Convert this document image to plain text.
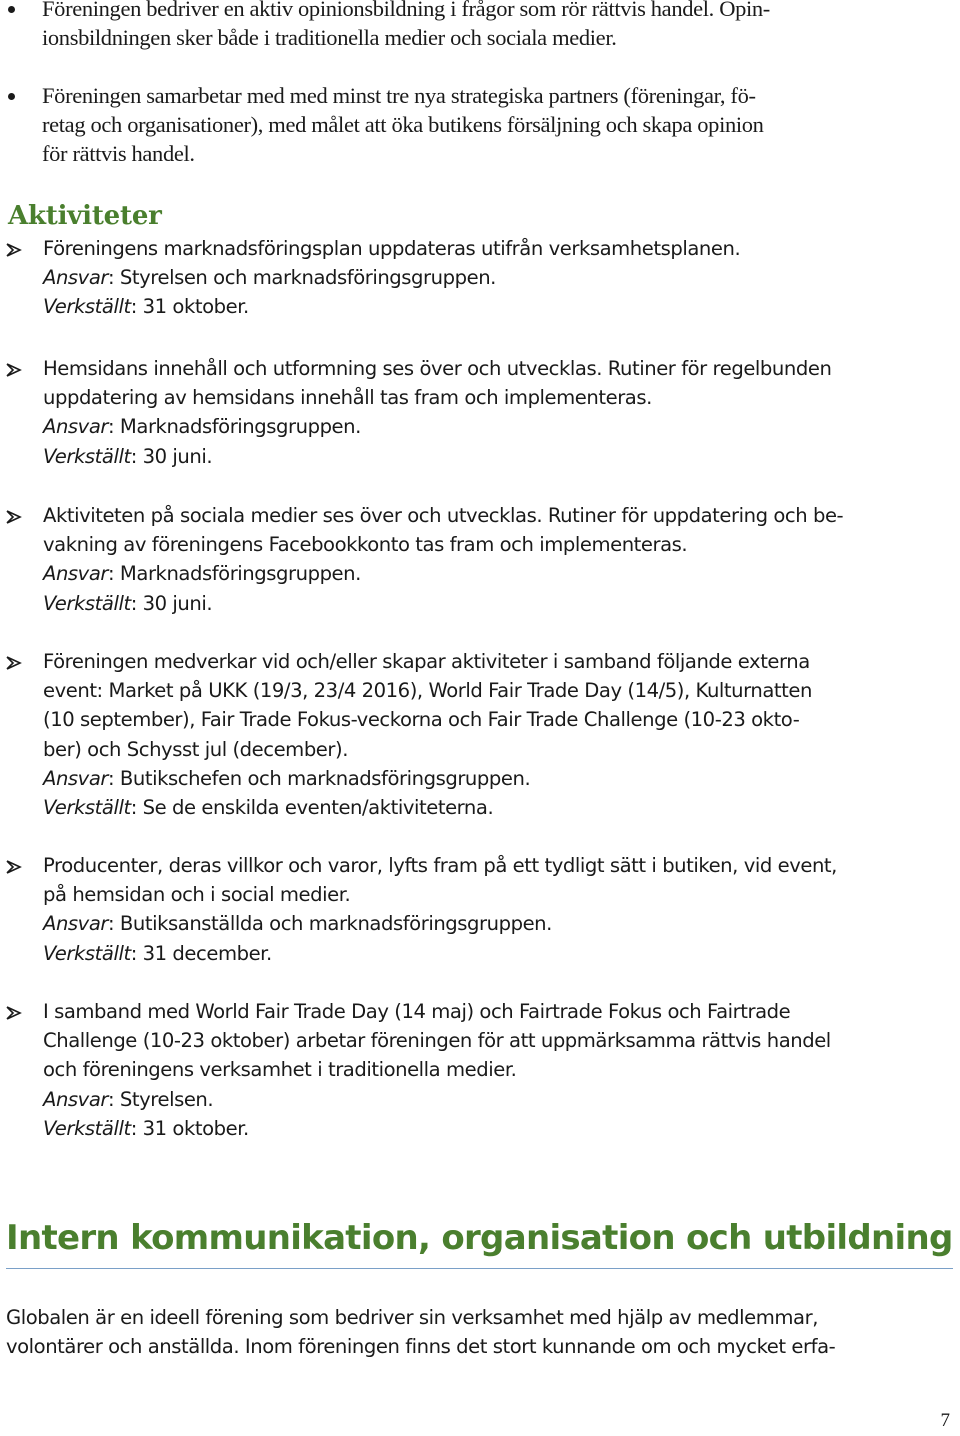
Föreningen bedriver en aktiv opinionsbildning i frågor som rör rättvis handel. Opin-
ionsbildningen sker både i traditionella medier och sociala medier.
Föreningen samarbetar med med minst tre nya strategiska partners (föreningar, fö-
retag och organisationer), med målet att öka butikens försäljning och skapa opinion
för rättvis handel.
Aktiviteter
Föreningens marknadsföringsplan uppdateras utifrån verksamhetsplanen.
Ansvar: Styrelsen och marknadsföringsgruppen.
Verkställt: 31 oktober.
Hemsidans innehåll och utformning ses över och utvecklas. Rutiner för regelbunden
uppdatering av hemsidans innehåll tas fram och implementeras.
Ansvar: Marknadsföringsgruppen.
Verkställt: 30 juni.
Aktiviteten på sociala medier ses över och utvecklas. Rutiner för uppdatering och be-
vakning av föreningens Facebookkonto tas fram och implementeras.
Ansvar: Marknadsföringsgruppen.
Verkställt: 30 juni.
Föreningen medverkar vid och/eller skapar aktiviteter i samband följande externa
event: Market på UKK (19/3, 23/4 2016), World Fair Trade Day (14/5), Kulturnatten
(10 september), Fair Trade Fokus-veckorna och Fair Trade Challenge (10-23 okto-
ber) och Schysst jul (december).
Ansvar: Butikschefen och marknadsföringsgruppen.
Verkställt: Se de enskilda eventen/aktiviteterna.
Producenter, deras villkor och varor, lyfts fram på ett tydligt sätt i butiken, vid event,
på hemsidan och i social medier.
Ansvar: Butiksanställda och marknadsföringsgruppen.
Verkställt: 31 december.
I samband med World Fair Trade Day (14 maj) och Fairtrade Fokus och Fairtrade
Challenge (10-23 oktober) arbetar föreningen för att uppmärksamma rättvis handel
och föreningens verksamhet i traditionella medier.
Ansvar: Styrelsen.
Verkställt: 31 oktober.
Intern kommunikation, organisation och utbildning
Globalen är en ideell förening som bedriver sin verksamhet med hjälp av medlemmar,
volontärer och anställda. Inom föreningen finns det stort kunnande om och mycket erfa-
7
